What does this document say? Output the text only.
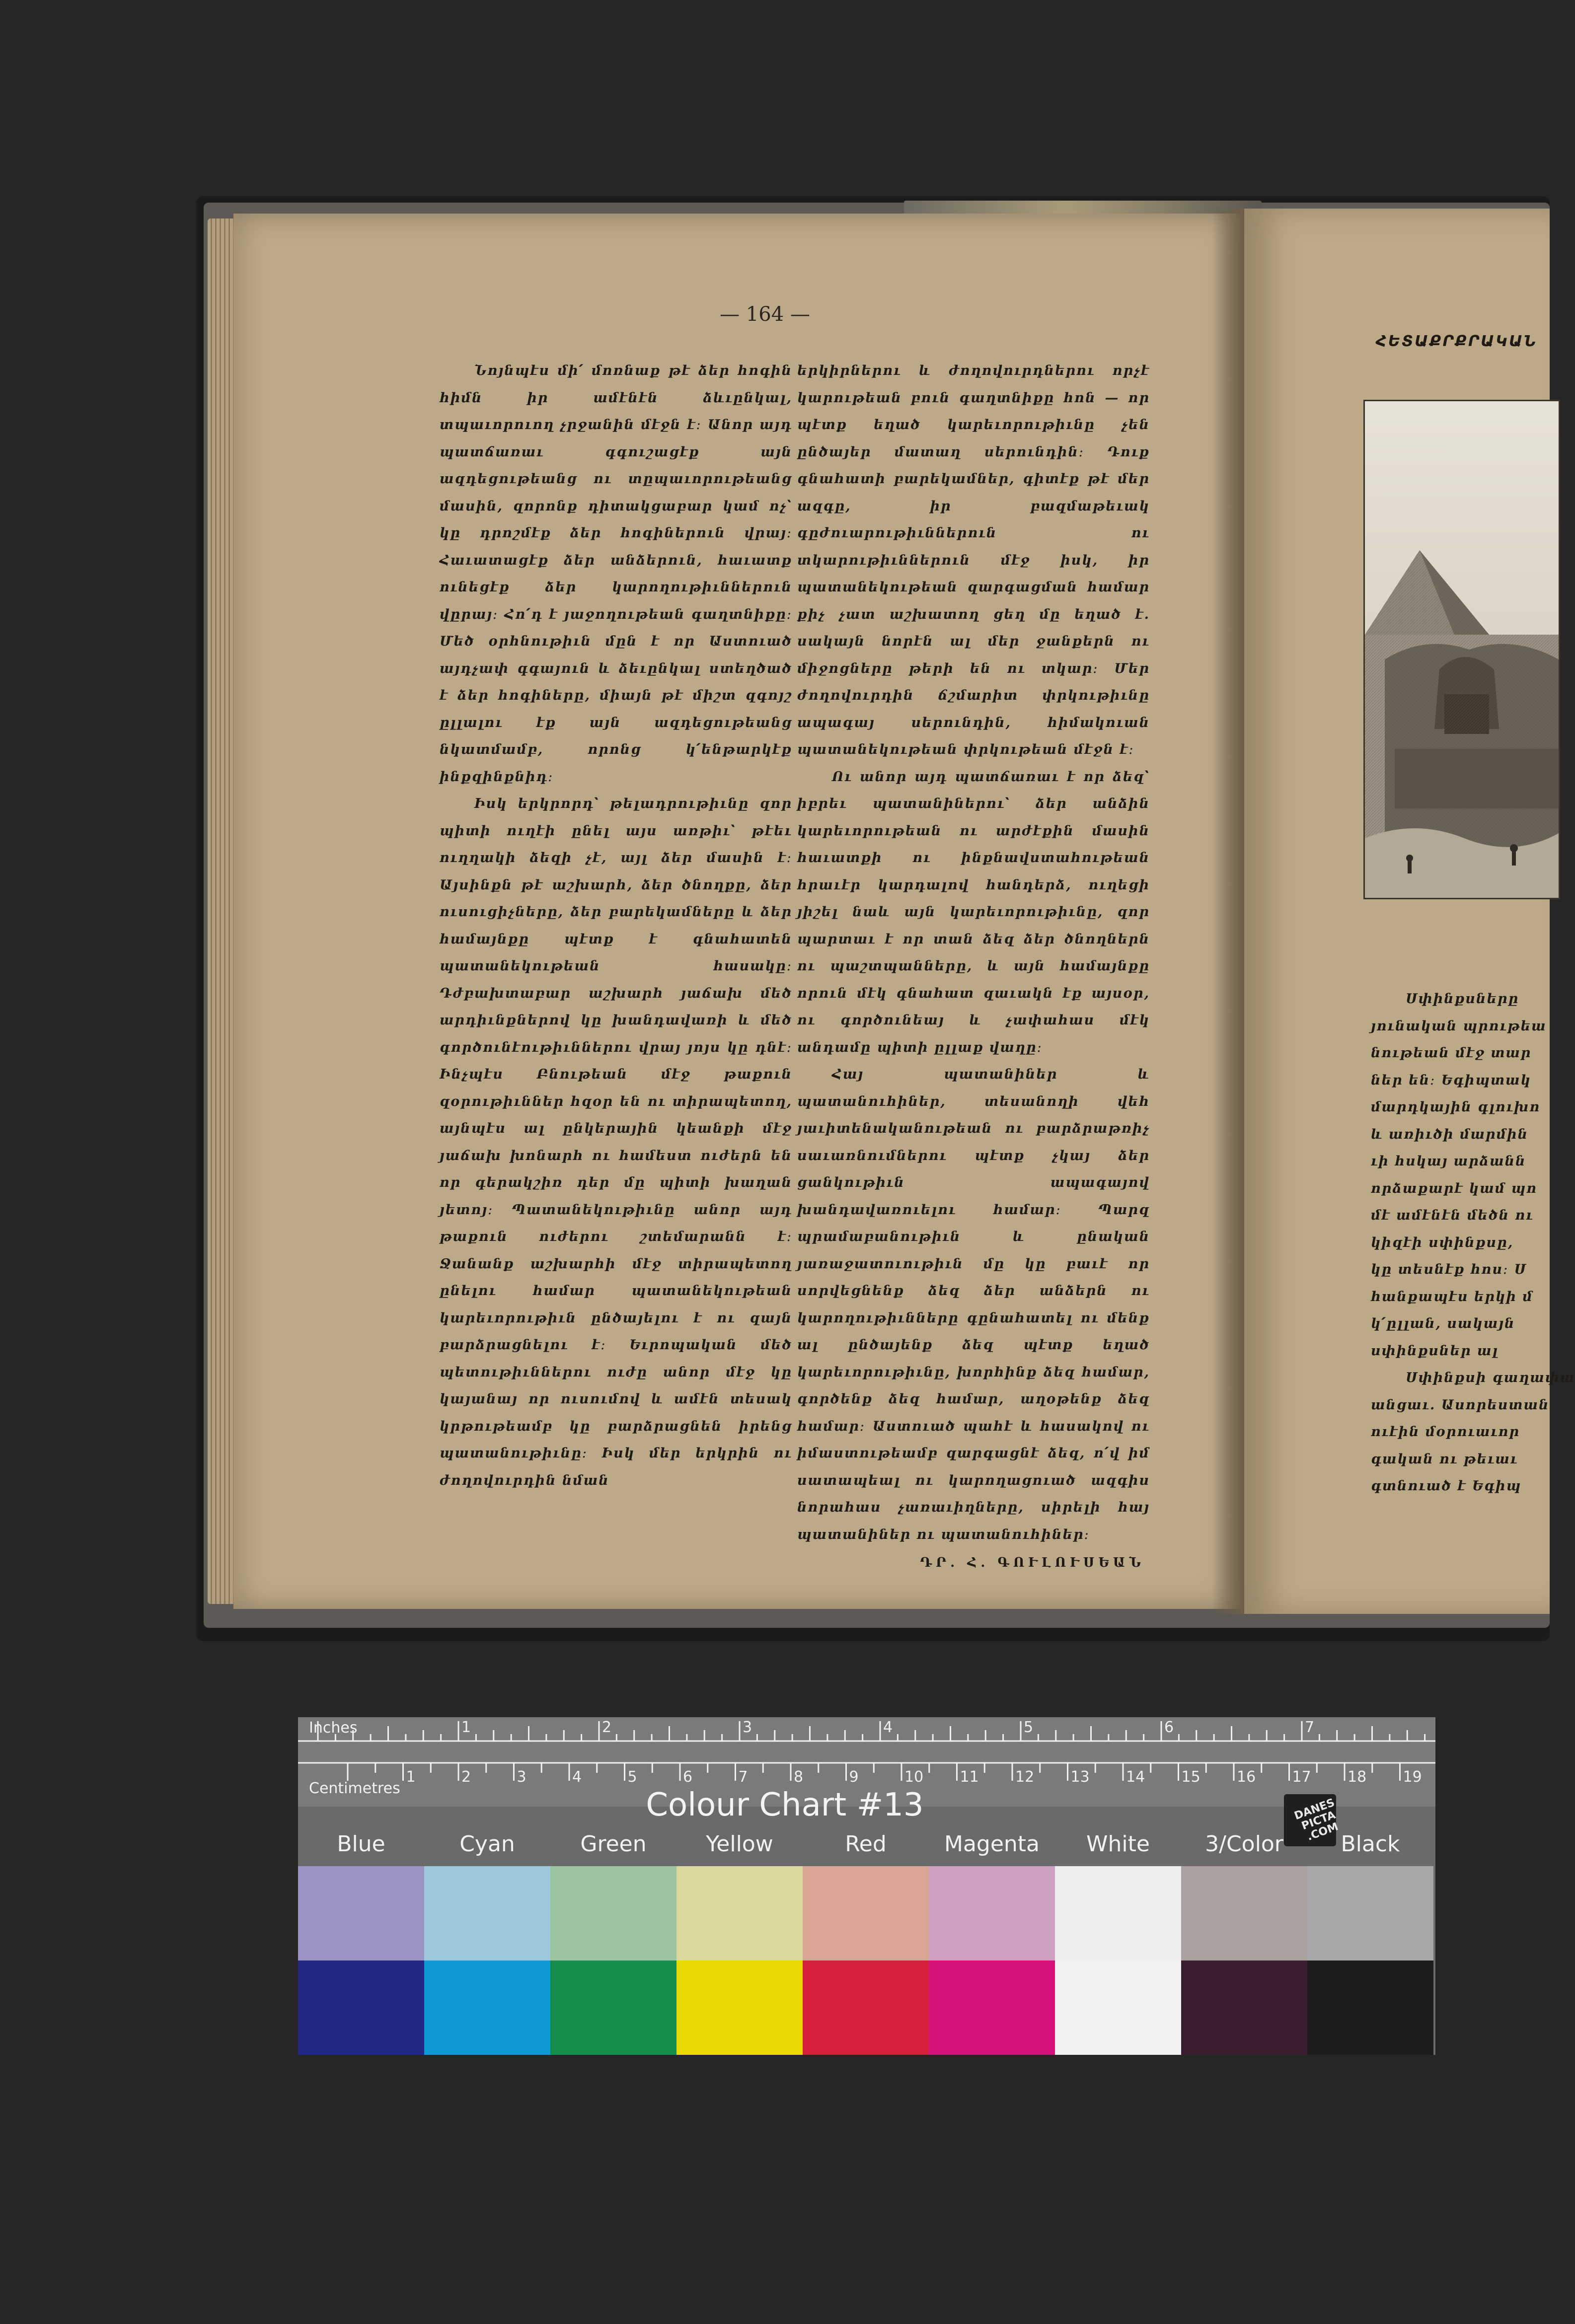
— 164 —

Նոյնպէս մի՛ մոռնաք թէ ձեր հոգին հիմն իր ամէնէն ձևւընկալ, տպաւորուող չրջանին մէջն է։ Անոր այդ պատճառաւ գգուշացէք այն ազդեցութեանց ու տըպաւորութեանց մասին, զորոնք դիտակցաբար կամ ոչ՝ կը դրոշմէք ձեր հոգիներուն վրայ։ Հաւատացէք ձեր անձերուն, հաւատք ունեցէք ձեր կարողութիւններուն վըրայ։ Հո՛դ է յաջողութեան գաղտնիքը։ Մեծ օրհնութիւն մըն է որ Աստուած այդչափ գգայուն և ձեւընկալ ստեղծած է ձեր հոգիները, միայն թէ միշտ զգոյշ ըլլալու էք այն ազդեցութեանց նկատմամբ, որոնց կ՛ենթարկէք ինքզինքնիդ։

Իսկ երկրորդ՝ թելադրութիւնը զոր պիտի ուղէի ընել այս առթիւ՝ թէեւ ուղղակի ձեզի չէ, այլ ձեր մասին է։ Այսինքն թէ աշխարհ, ձեր ծնողքը, ձեր ուսուցիչները, ձեր բարեկամները և ձեր համայնքը պէտք է գնահատեն պատանեկութեան հասակը։ Դժբախտաբար աշխարհ յաճախ մեծ արդիւնքներով կը խանդավառի և մեծ գործունէութիւններու վրայ յոյս կը դնէ։ Ինչպէս Բնութեան մէջ թաքուն զօրութիւններ հզօր են ու տիրապետող, այնպէս ալ ընկերային կեանքի մէջ յաճախ խոնարհ ու համեստ ուժերն են որ գերակշիռ դեր մը պիտի խաղան յետոյ։ Պատանեկութիւնը անոր այդ թաքուն ուժերու շտեմարանն է։ Ջանանք աշխարհի մէջ տիրապետող ընելու համար պատանեկութեան կարեւորութիւն ընծայելու է ու զայն բարձրացնելու է։ Եւրոպական մեծ պետութիւններու ուժը անոր մէջ կը կայանայ որ ուսումով և ամէն տեսակ կրթութեամբ կը բարձրացնեն իրենց պատանութիւնը։ Իսկ մեր երկրին ու ժողովուրդին նման

երկիրներու և ժողովուրդներու որչէ կարութեան բուն գաղտնիքը հոն — որ պէտք եղած կարեւորութիւնը չեն ընծայեր մատաղ սերունդին։ Դուք գնահատի բարեկամներ, գիտէք թէ մեր ազգը, իր բազմաթեւակ գըժուարութիւններուն ու տկարութիւններուն մէջ իսկ, իր պատանեկութեան զարգացման համար քիչ չատ աշխատող ցեղ մը եղած է. սակայն նորէն ալ մեր ջանքերն ու միջոցները թերի են ու տկար։ Մեր ժողովուրդին ճշմարիտ փրկութիւնը ապագայ սերունդին, հիմակուան պատանեկութեան փրկութեան մէջն է։

Ու անոր այդ պատճառաւ է որ ձեզ՝ իբրեւ պատանիներու՝ ձեր անձին կարեւորութեան ու արժէքին մասին հաւատքի ու ինքնավստահութեան հրաւէր կարդալով հանդերձ, ուղեցի յիշել նաև այն կարեւորութիւնը, զոր պարտաւ է որ տան ձեզ ձեր ծնողներն ու պաշտպանները, և այն համայնքը որուն մէկ գնահատ զաւակն էք այսօր, ու գործունեայ և չափահաս մէկ անդամը պիտի ըլլաք վաղը։

Հայ պատանիներ և պատանուհիներ, տեսանողի վեհ յաւիտենականութեան ու բարձրաթռիչ սաւառնումներու պէտք չկայ ձեր ցանկութիւն ապագայով խանդավառուելու համար։ Պարզ պրամաբանութիւն և ընական յառաջատուութիւն մը կը բաւէ որ սորվեցնենք ձեզ ձեր անձերն ու կարողութիւնները գընահատել ու մենք ալ ընծայենք ձեզ պէտք եղած կարեւորութիւնը, խորհինք ձեզ համար, գործենք ձեզ համար, աղօթենք ձեզ համար։ Աստուած պահէ և հասակով ու իմաստութեամբ զարգացնէ ձեզ, ո՛վ իմ սատապեալ ու կարողացուած ազգիս նորահաս չառաւիղները, սիրելի հայ պատանիներ ու պատանուհիներ։

ԴՐ. Հ. ԳՈՒԼՈՒՍԵԱՆ
ՀԵՏԱՔՐՔՐԱԿԱՆ

Սփինքսները

յունական պրութեա

նութեան մէջ տար

ներ են։ Եգիպտակ

մարդկային գլուխո

և առիւծի մարմին

ւի հսկայ արձանն

որձաքարէ կամ պո

մէ ամէնէն մեծն ու

կիզէի սփինքսը,

կը տեսնէք հոս։ Ս

հանքապէս երկի մ

կ՛ըլլան, սակայն

սփինքսներ ալ

Սփինքսի գաղափա

անցաւ. Ասորեստան

ուէին մօրուաւոր

գական ու թեւաւ

գտնուած է Եգիպ

1	2	3	4	5	6	7
1	2	3	4	5	6	7	8	9	10 11 12 13 14 15 16 17 18 19
Inches
Centimetres	Colour Chart #13	DANES PICTA .COM
Blue	Cyan	Green	Yellow	Red	Magenta	White	3/Color	Black
